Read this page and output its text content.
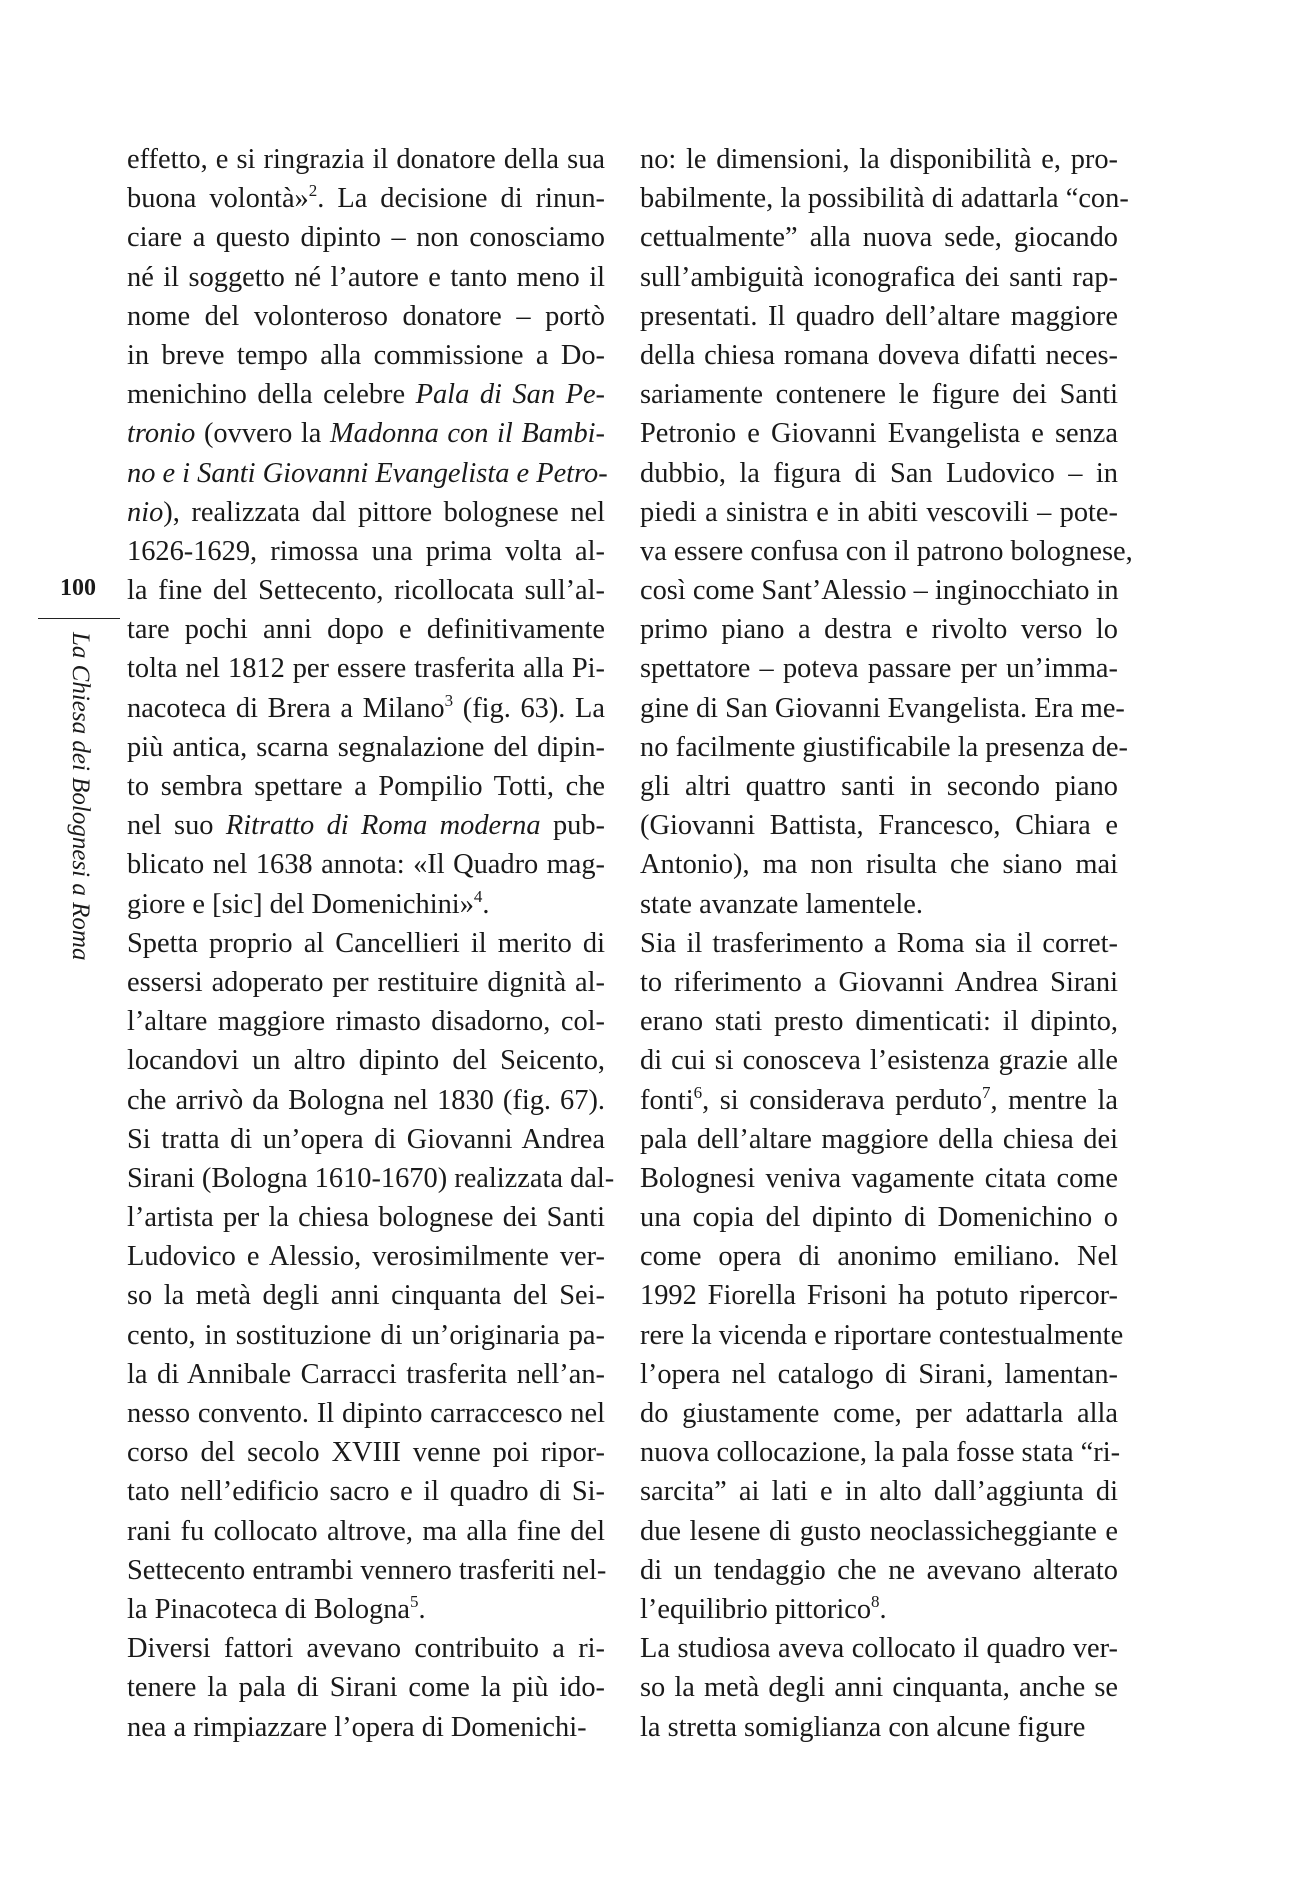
100
La Chiesa dei Bolognesi a Roma
effetto, e si ringrazia il donatore della sua
buona volontà»$^2$. La decisione di rinun-
ciare a questo dipinto – non conosciamo
né il soggetto né l’autore e tanto meno il
nome del volonteroso donatore – portò
in breve tempo alla commissione a Do-
menichino della celebre Pala di San Pe-
tronio (ovvero la Madonna con il Bambi-
no e i Santi Giovanni Evangelista e Petro-
nio), realizzata dal pittore bolognese nel
1626-1629, rimossa una prima volta al-
la fine del Settecento, ricollocata sull’al-
tare pochi anni dopo e definitivamente
tolta nel 1812 per essere trasferita alla Pi-
nacoteca di Brera a Milano$^3$ (fig. 63). La
più antica, scarna segnalazione del dipin-
to sembra spettare a Pompilio Totti, che
nel suo Ritratto di Roma moderna pub-
blicato nel 1638 annota: «Il Quadro mag-
giore e [sic] del Domenichini»$^4$.
Spetta proprio al Cancellieri il merito di
essersi adoperato per restituire dignità al-
l’altare maggiore rimasto disadorno, col-
locandovi un altro dipinto del Seicento,
che arrivò da Bologna nel 1830 (fig. 67).
Si tratta di un’opera di Giovanni Andrea
Sirani (Bologna 1610-1670) realizzata dal-
l’artista per la chiesa bolognese dei Santi
Ludovico e Alessio, verosimilmente ver-
so la metà degli anni cinquanta del Sei-
cento, in sostituzione di un’originaria pa-
la di Annibale Carracci trasferita nell’an-
nesso convento. Il dipinto carraccesco nel
corso del secolo XVIII venne poi ripor-
tato nell’edificio sacro e il quadro di Si-
rani fu collocato altrove, ma alla fine del
Settecento entrambi vennero trasferiti nel-
la Pinacoteca di Bologna$^5$.
Diversi fattori avevano contribuito a ri-
tenere la pala di Sirani come la più ido-
nea a rimpiazzare l’opera di Domenichi-
no: le dimensioni, la disponibilità e, pro-
babilmente, la possibilità di adattarla “con-
cettualmente” alla nuova sede, giocando
sull’ambiguità iconografica dei santi rap-
presentati. Il quadro dell’altare maggiore
della chiesa romana doveva difatti neces-
sariamente contenere le figure dei Santi
Petronio e Giovanni Evangelista e senza
dubbio, la figura di San Ludovico – in
piedi a sinistra e in abiti vescovili – pote-
va essere confusa con il patrono bolognese,
così come Sant’Alessio – inginocchiato in
primo piano a destra e rivolto verso lo
spettatore – poteva passare per un’imma-
gine di San Giovanni Evangelista. Era me-
no facilmente giustificabile la presenza de-
gli altri quattro santi in secondo piano
(Giovanni Battista, Francesco, Chiara e
Antonio), ma non risulta che siano mai
state avanzate lamentele.
Sia il trasferimento a Roma sia il corret-
to riferimento a Giovanni Andrea Sirani
erano stati presto dimenticati: il dipinto,
di cui si conosceva l’esistenza grazie alle
fonti$^6$, si considerava perduto$^7$, mentre la
pala dell’altare maggiore della chiesa dei
Bolognesi veniva vagamente citata come
una copia del dipinto di Domenichino o
come opera di anonimo emiliano. Nel
1992 Fiorella Frisoni ha potuto ripercor-
rere la vicenda e riportare contestualmente
l’opera nel catalogo di Sirani, lamentan-
do giustamente come, per adattarla alla
nuova collocazione, la pala fosse stata “ri-
sarcita” ai lati e in alto dall’aggiunta di
due lesene di gusto neoclassicheggiante e
di un tendaggio che ne avevano alterato
l’equilibrio pittorico$^8$.
La studiosa aveva collocato il quadro ver-
so la metà degli anni cinquanta, anche se
la stretta somiglianza con alcune figure
